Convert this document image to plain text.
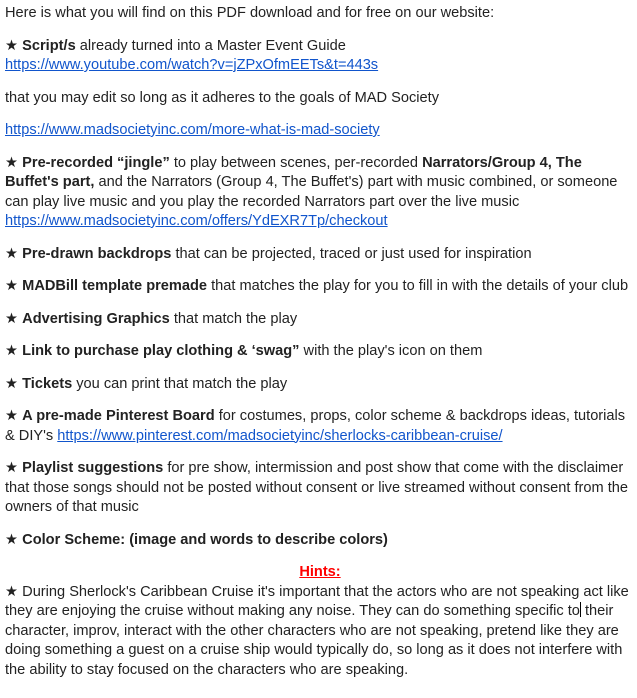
Here is what you will find on this PDF download and for free on our website:

★ Script/s already turned into a Master Event Guide
https://www.youtube.com/watch?v=jZPxOfmEETs&t=443s

that you may edit so long as it adheres to the goals of MAD Society

https://www.madsocietyinc.com/more-what-is-mad-society

★ Pre-recorded “jingle” to play between scenes, per-recorded Narrators/Group 4, The Buffet's part, and the Narrators (Group 4, The Buffet's) part with music combined, or someone can play live music and you play the recorded Narrators part over the live music
https://www.madsocietyinc.com/offers/YdEXR7Tp/checkout

★ Pre-drawn backdrops that can be projected, traced or just used for inspiration

★ MADBill template premade that matches the play for you to fill in with the details of your club

★ Advertising Graphics that match the play

★ Link to purchase play clothing & ‘swag” with the play's icon on them

★ Tickets you can print that match the play

★ A pre-made Pinterest Board for costumes, props, color scheme & backdrops ideas, tutorials & DIY's https://www.pinterest.com/madsocietyinc/sherlocks-caribbean-cruise/

★ Playlist suggestions for pre show, intermission and post show that come with the disclaimer that those songs should not be posted without consent or live streamed without consent from the owners of that music

★ Color Scheme: (image and words to describe colors)

Hints:

★ During Sherlock's Caribbean Cruise it's important that the actors who are not speaking act like they are enjoying the cruise without making any noise. They can do something specific to their character, improv, interact with the other characters who are not speaking, pretend like they are doing something a guest on a cruise ship would typically do, so long as it does not interfere with the ability to stay focused on the characters who are speaking.
